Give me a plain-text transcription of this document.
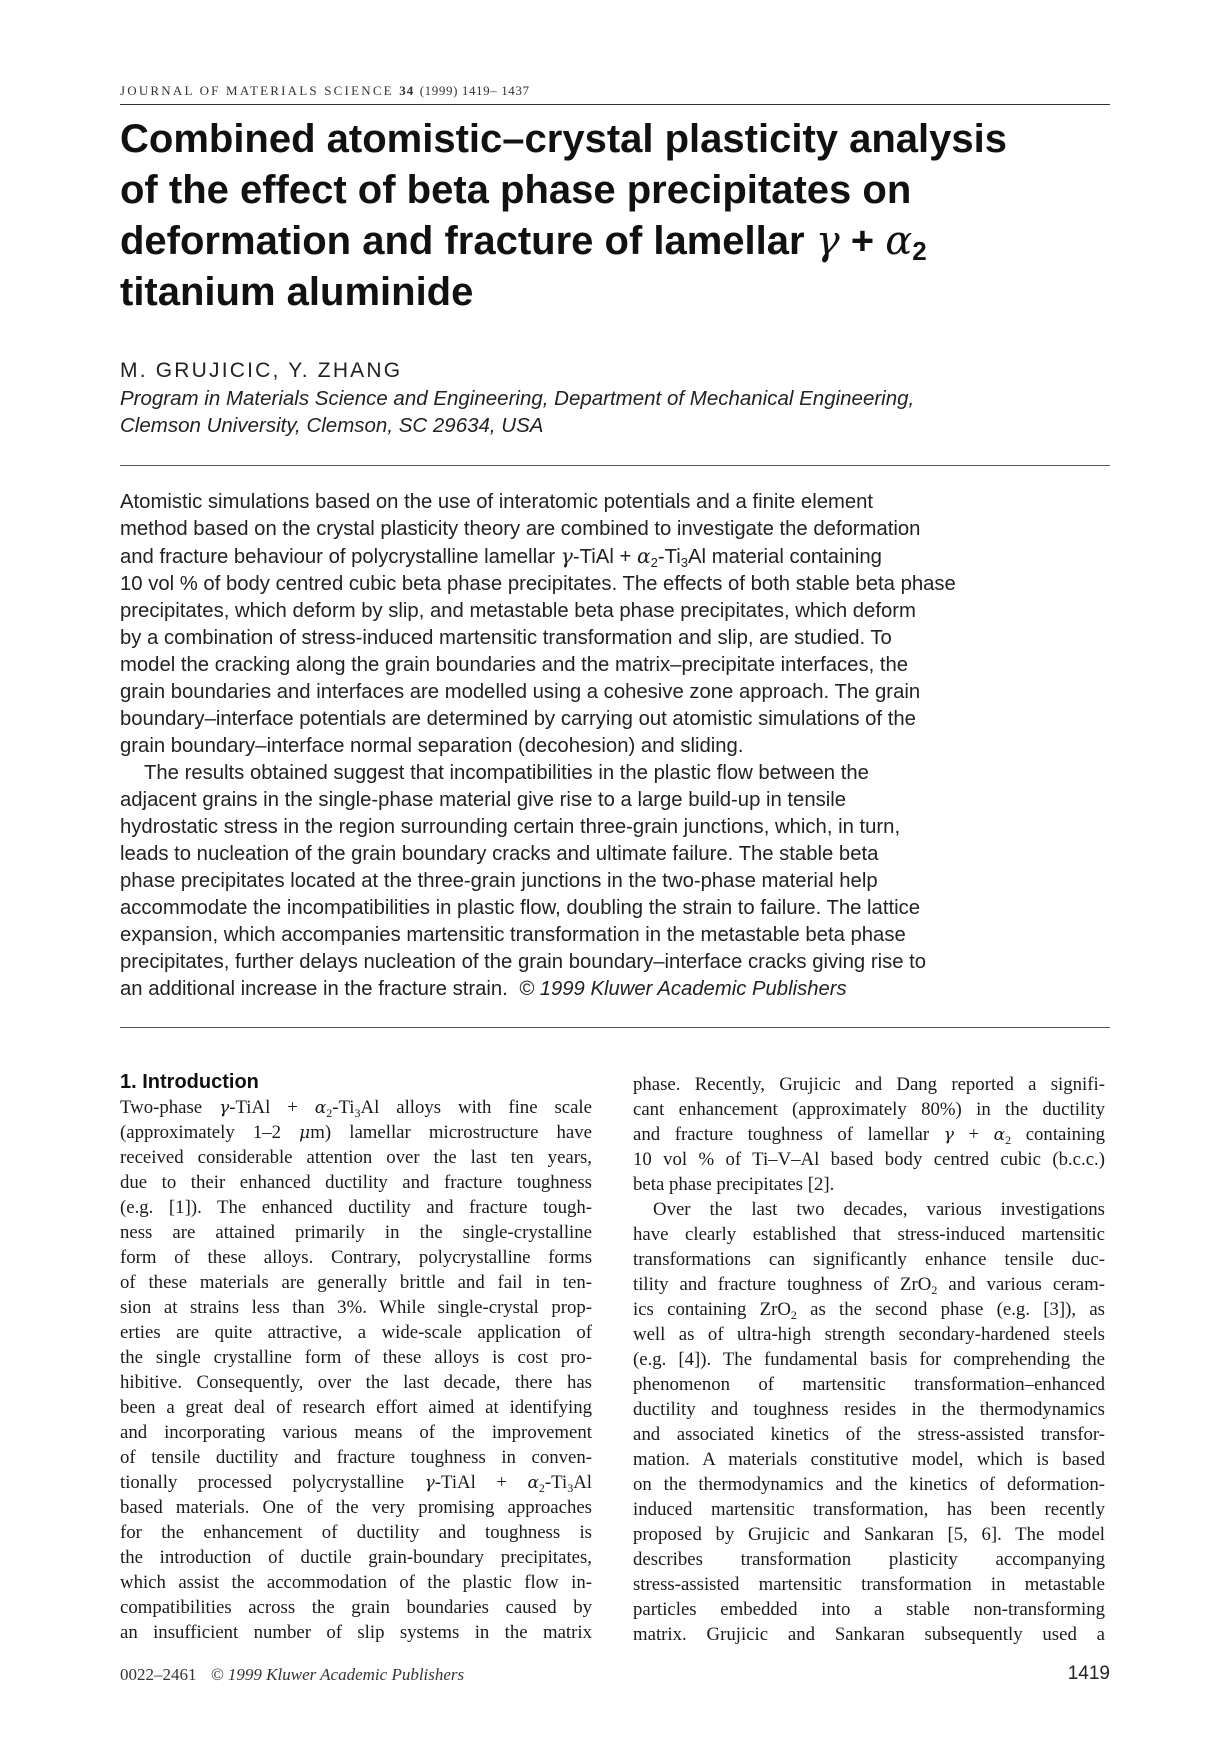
JOURNAL OF MATERIALS SCIENCE 34 (1999) 1419– 1437
Combined atomistic–crystal plasticity analysis
of the effect of beta phase precipitates on
deformation and fracture of lamellar $\gamma + \alpha_2$
titanium aluminide
M. GRUJICIC, Y. ZHANG
Program in Materials Science and Engineering, Department of Mechanical Engineering,
Clemson University, Clemson, SC 29634, USA
Atomistic simulations based on the use of interatomic potentials and a finite element
method based on the crystal plasticity theory are combined to investigate the deformation
and fracture behaviour of polycrystalline lamellar γ-TiAl + $\alpha_2-Ti_3Al$ material containing
10 vol % of body centred cubic beta phase precipitates. The effects of both stable beta phase
precipitates, which deform by slip, and metastable beta phase precipitates, which deform
by a combination of stress-induced martensitic transformation and slip, are studied. To
model the cracking along the grain boundaries and the matrix–precipitate interfaces, the
grain boundaries and interfaces are modelled using a cohesive zone approach. The grain
boundary–interface potentials are determined by carrying out atomistic simulations of the
grain boundary–interface normal separation (decohesion) and sliding.
The results obtained suggest that incompatibilities in the plastic flow between the
adjacent grains in the single-phase material give rise to a large build-up in tensile
hydrostatic stress in the region surrounding certain three-grain junctions, which, in turn,
leads to nucleation of the grain boundary cracks and ultimate failure. The stable beta
phase precipitates located at the three-grain junctions in the two-phase material help
accommodate the incompatibilities in plastic flow, doubling the strain to failure. The lattice
expansion, which accompanies martensitic transformation in the metastable beta phase
precipitates, further delays nucleation of the grain boundary–interface cracks giving rise to
an additional increase in the fracture strain. © 1999 Kluwer Academic Publishers
1. Introduction
Two-phase γ-TiAl + $\alpha_2-Ti_3Al$ alloys with fine scale
(approximately 1–2 μm) lamellar microstructure have
received considerable attention over the last ten years,
due to their enhanced ductility and fracture toughness
(e.g. [1]). The enhanced ductility and fracture tough-
ness are attained primarily in the single-crystalline
form of these alloys. Contrary, polycrystalline forms
of these materials are generally brittle and fail in ten-
sion at strains less than 3%. While single-crystal prop-
erties are quite attractive, a wide-scale application of
the single crystalline form of these alloys is cost pro-
hibitive. Consequently, over the last decade, there has
been a great deal of research effort aimed at identifying
and incorporating various means of the improvement
of tensile ductility and fracture toughness in conven-
tionally processed polycrystalline γ-TiAl + $\alpha_2-Ti_3Al$
based materials. One of the very promising approaches
for the enhancement of ductility and toughness is
the introduction of ductile grain-boundary precipitates,
which assist the accommodation of the plastic flow in-
compatibilities across the grain boundaries caused by
an insufficient number of slip systems in the matrix
phase. Recently, Grujicic and Dang reported a signifi-
cant enhancement (approximately 80%) in the ductility
and fracture toughness of lamellar $\gamma + \alpha_2$ containing
10 vol % of Ti–V–Al based body centred cubic (b.c.c.)
beta phase precipitates [2].
Over the last two decades, various investigations
have clearly established that stress-induced martensitic
transformations can significantly enhance tensile duc-
tility and fracture toughness of ZrO$_2$ and various ceram-
ics containing ZrO$_2$ as the second phase (e.g. [3]), as
well as of ultra-high strength secondary-hardened steels
(e.g. [4]). The fundamental basis for comprehending the
phenomenon of martensitic transformation–enhanced
ductility and toughness resides in the thermodynamics
and associated kinetics of the stress-assisted transfor-
mation. A materials constitutive model, which is based
on the thermodynamics and the kinetics of deformation-
induced martensitic transformation, has been recently
proposed by Grujicic and Sankaran [5, 6]. The model
describes transformation plasticity accompanying
stress-assisted martensitic transformation in metastable
particles embedded into a stable non-transforming
matrix. Grujicic and Sankaran subsequently used a
0022–2461 © 1999 Kluwer Academic Publishers	1419
